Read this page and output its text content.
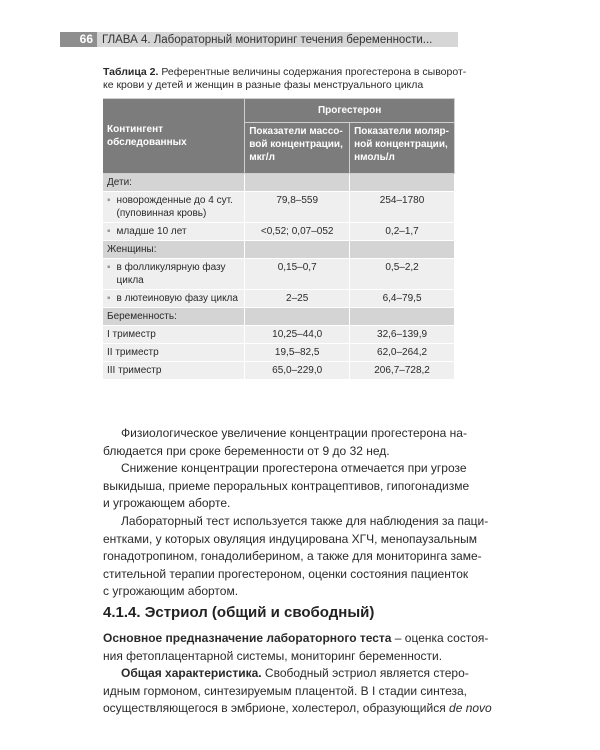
66 ГЛАВА 4. Лабораторный мониторинг течения беременности...
Таблица 2. Референтные величины содержания прогестерона в сыворот-
ке крови у детей и женщин в разные фазы менструального цикла
Контингент обследованных	Прогестерон	
	Показатели массо-вой концентрации, мкг/л	Показатели моляр-ной концентрации, нмоль/л
Дети:		

▪ новорожденные до 4 сут. (пуповинная кровь)	79,8–559	254–1780

▪ младше 10 лет	<0,52; 0,07–052	0,2–1,7
Женщины:		

▪ в фолликулярную фазу цикла	0,15–0,7	0,5–2,2

▪ в лютеиновую фазу цикла	2–25	6,4–79,5
Беременность:		
I триместр	10,25–44,0	32,6–139,9
II триместр	19,5–82,5	62,0–264,2
III триместр	65,0–229,0	206,7–728,2
Физиологическое увеличение концентрации прогестерона на-
блюдается при сроке беременности от 9 до 32 нед.
Снижение концентрации прогестерона отмечается при угрозе
выкидыша, приеме пероральных контрацептивов, гипогонадизме
и угрожающем аборте.
Лабораторный тест используется также для наблюдения за паци-
ентками, у которых овуляция индуцирована ХГЧ, менопаузальным
гонадотропином, гонадолиберином, а также для мониторинга заме-
стительной терапии прогестероном, оценки состояния пациенток
с угрожающим абортом.
4.1.4. Эстриол (общий и свободный)
Основное предназначение лабораторного теста – оценка состоя-
ния фетоплацентарной системы, мониторинг беременности.
Общая характеристика. Свободный эстриол является стеро-
идным гормоном, синтезируемым плацентой. В I стадии синтеза,
осуществляющегося в эмбрионе, холестерол, образующийся de novo
